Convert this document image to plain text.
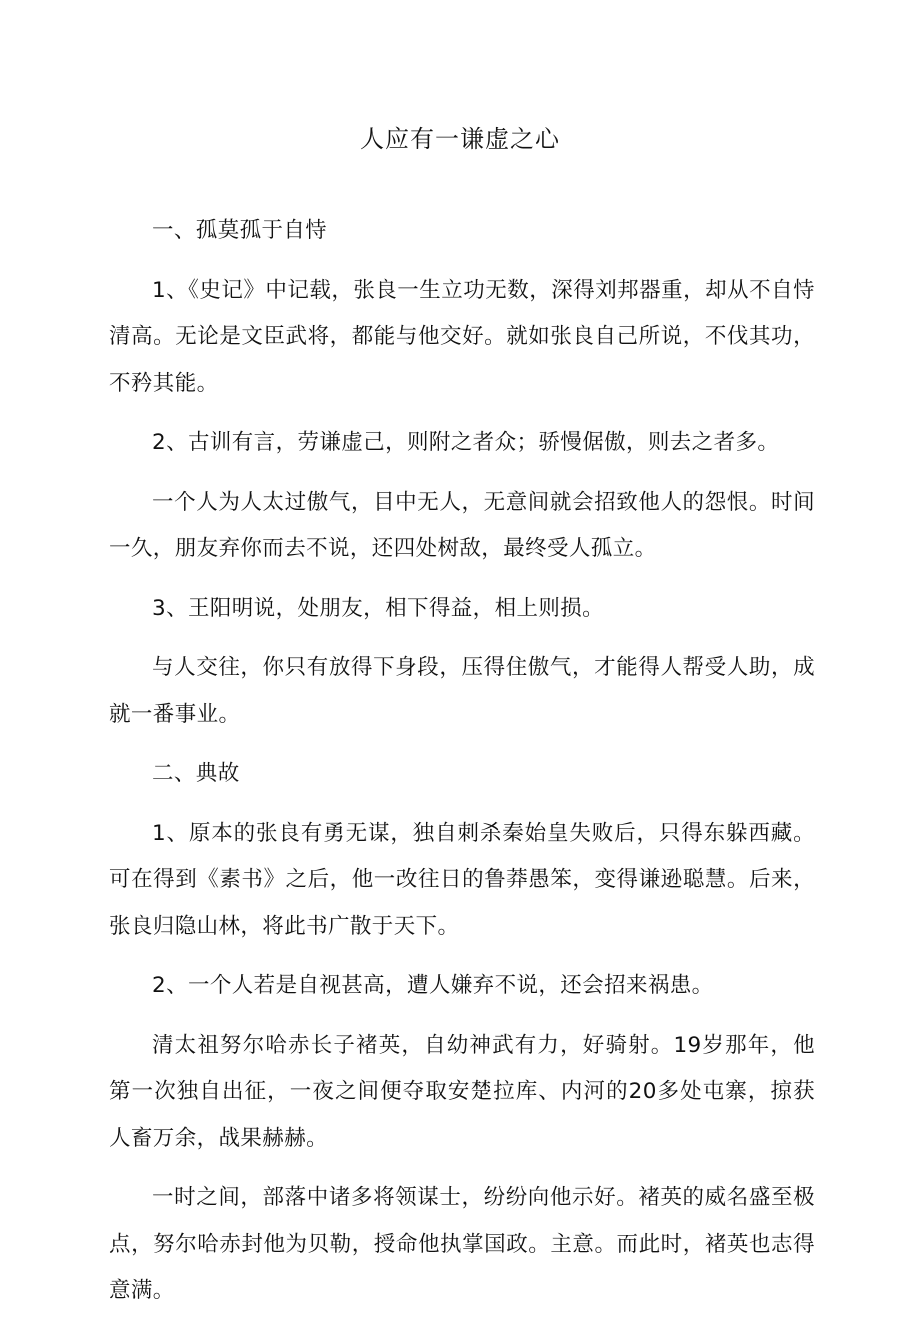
人应有一谦虚之心

一、孤莫孤于自恃

1、《史记》中记载，张良一生立功无数，深得刘邦器重，却从不自恃清高。无论是文臣武将，都能与他交好。就如张良自己所说，不伐其功，不矜其能。

2、古训有言，劳谦虚己，则附之者众；骄慢倨傲，则去之者多。

一个人为人太过傲气，目中无人，无意间就会招致他人的怨恨。时间一久，朋友弃你而去不说，还四处树敌，最终受人孤立。

3、王阳明说，处朋友，相下得益，相上则损。

与人交往，你只有放得下身段，压得住傲气，才能得人帮受人助，成就一番事业。

二、典故

1、原本的张良有勇无谋，独自刺杀秦始皇失败后，只得东躲西藏。可在得到《素书》之后，他一改往日的鲁莽愚笨，变得谦逊聪慧。后来，张良归隐山林，将此书广散于天下。

2、一个人若是自视甚高，遭人嫌弃不说，还会招来祸患。

清太祖努尔哈赤长子褚英，自幼神武有力，好骑射。19岁那年，他第一次独自出征，一夜之间便夺取安楚拉库、内河的20多处屯寨，掠获人畜万余，战果赫赫。

一时之间，部落中诸多将领谋士，纷纷向他示好。褚英的威名盛至极点，努尔哈赤封他为贝勒，授命他执掌国政。主意。而此时，褚英也志得意满。
